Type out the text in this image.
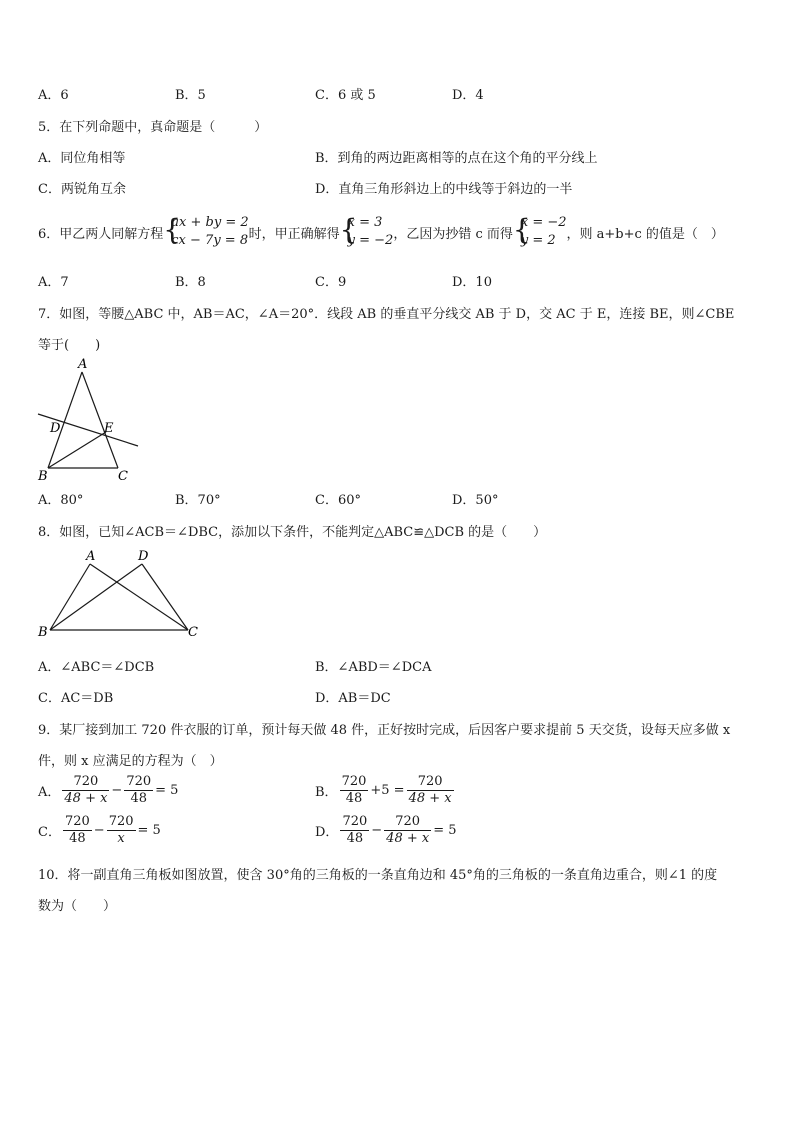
A．6	B．5	C．6 或 5	D．4
5．在下列命题中，真命题是（　　　）
A．同位角相等	B．到角的两边距离相等的点在这个角的平分线上
C．两锐角互余	D．直角三角形斜边上的中线等于斜边的一半
6．甲乙两人同解方程 {
ax + by = 2
cx − 7y = 8 时，甲正确解得 {
x = 3
y = −2 ，乙因为抄错 c 而得 {
x = −2
y = 2 ，则 a+b+c 的值是（　）
A．7	B．8	C．9	D．10
7．如图，等腰△ABC 中，AB＝AC，∠A＝20°．线段 AB 的垂直平分线交 AB 于 D，交 AC 于 E，连接 BE，则∠CBE
等于(　　)
A
D	E
B	C
A．80°	B．70°	C．60°	D．50°
8．如图，已知∠ACB＝∠DBC，添加以下条件，不能判定△ABC≌△DCB 的是（　　）
A	D
B	C
A．∠ABC＝∠DCB	B．∠ABD＝∠DCA
C．AC＝DB	D．AB＝DC
9．某厂接到加工 720 件衣服的订单，预计每天做 48 件，正好按时完成，后因客户要求提前 5 天交货，设每天应多做 x
件，则 x 应满足的方程为（　）
A． $\frac{720}{48 + x} - \frac{720}{48} = 5$	B． $\frac{720}{48} +5 = \frac{720}{48 + x}$
C． $\frac{720}{48} - \frac{720}{x} = 5$	D． $\frac{720}{48} - \frac{720}{48 + x} = 5$
10．将一副直角三角板如图放置，使含 30°角的三角板的一条直角边和 45°角的三角板的一条直角边重合，则∠1 的度
数为（　　）
